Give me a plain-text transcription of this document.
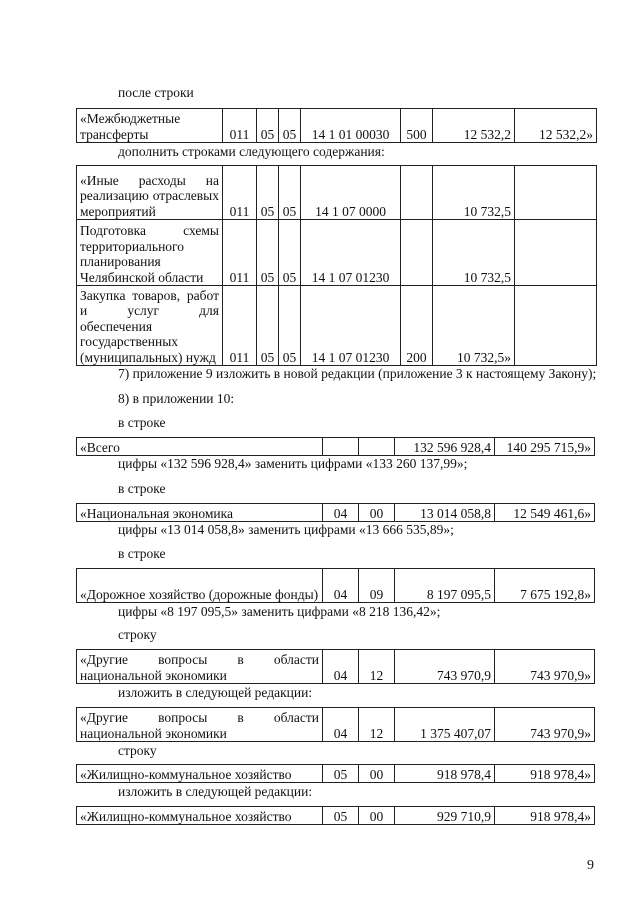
после строки
«Межбюджетные трансферты	011	05	05	14 1 01 00030	500	12 532,2	12 532,2»
дополнить строками следующего содержания:
«Иные расходы на реализацию отраслевых мероприятий	011	05	05	14 1 07 0000		10 732,5	
Подготовка схемы территориального планирования Челябинской области	011	05	05	14 1 07 01230		10 732,5	
Закупка товаров, работ и услуг для обеспечения государственных (муниципальных) нужд	011	05	05	14 1 07 01230	200	10 732,5»	
7) приложение 9 изложить в новой редакции (приложение 3 к настоящему Закону);
8) в приложении 10:
в строке
«Всего			132 596 928,4	140 295 715,9»
цифры «132 596 928,4» заменить цифрами «133 260 137,99»;
в строке
«Национальная экономика	04	00	13 014 058,8	12 549 461,6»
цифры «13 014 058,8» заменить цифрами «13 666 535,89»;
в строке
«Дорожное хозяйство (дорожные фонды)	04	09	8 197 095,5	7 675 192,8»
цифры «8 197 095,5» заменить цифрами «8 218 136,42»;
строку
«Другие вопросы в области национальной экономики	04	12	743 970,9	743 970,9»
изложить в следующей редакции:
«Другие вопросы в области национальной экономики	04	12	1 375 407,07	743 970,9»
строку
«Жилищно-коммунальное хозяйство	05	00	918 978,4	918 978,4»
изложить в следующей редакции:
«Жилищно-коммунальное хозяйство	05	00	929 710,9	918 978,4»
9
